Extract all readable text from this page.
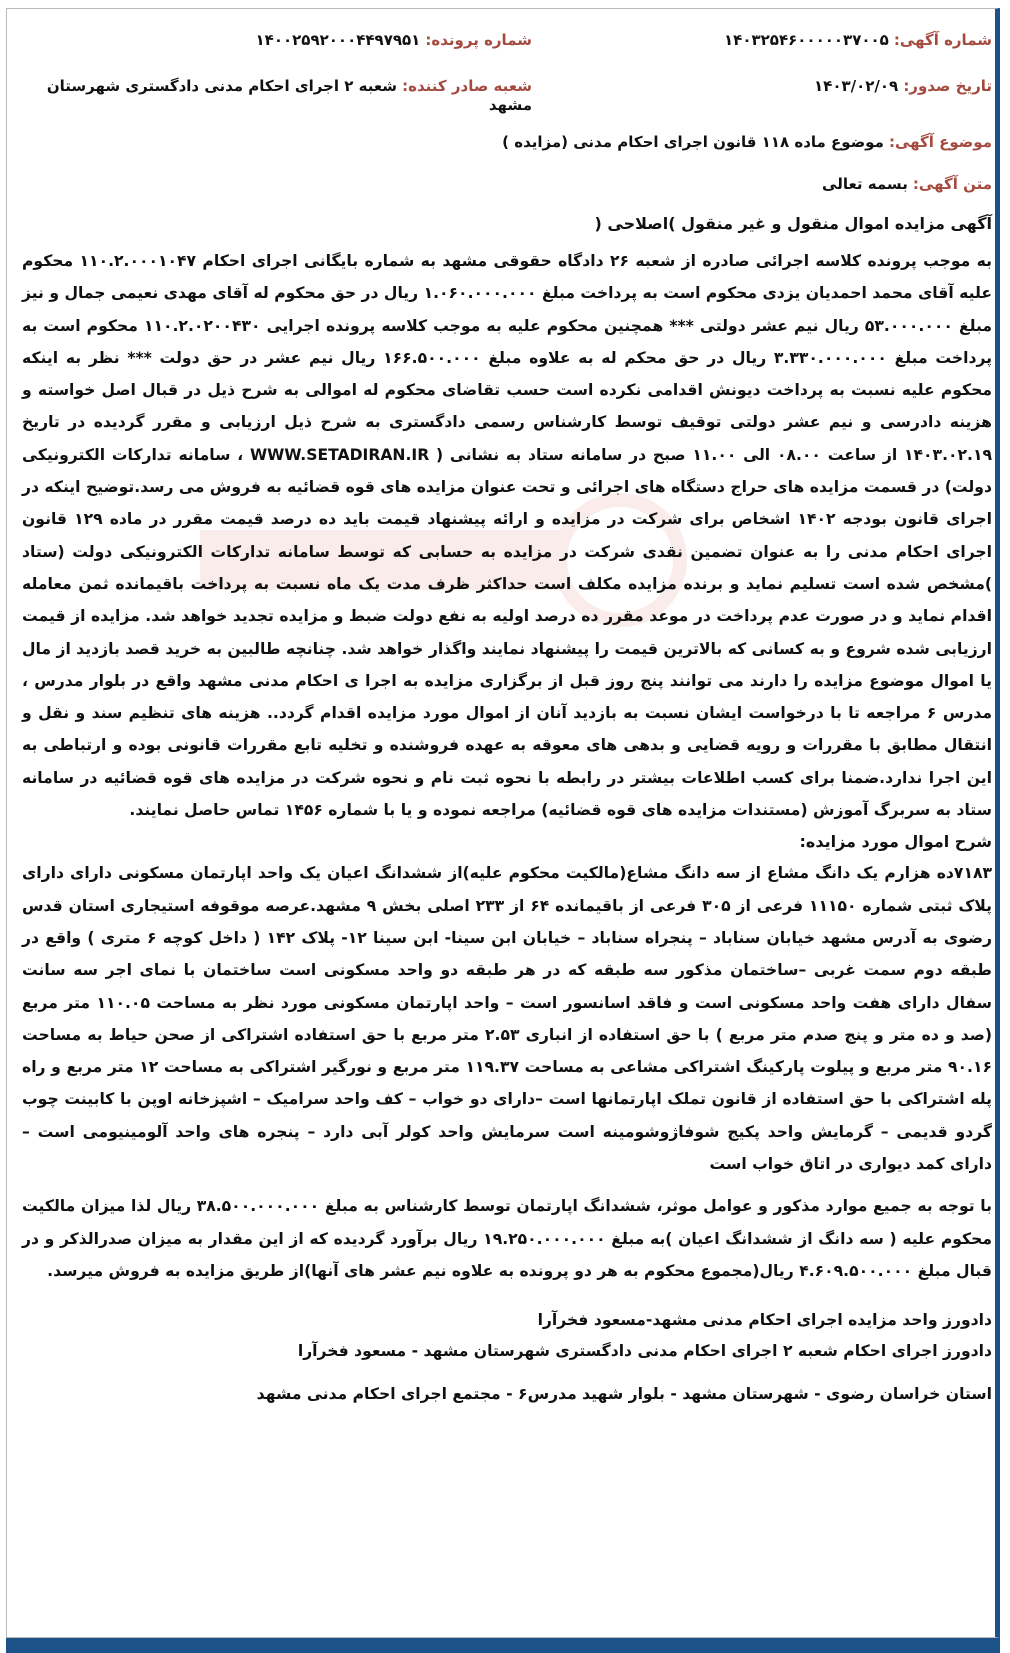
شماره آگهی: ۱۴۰۳۲۵۴۶۰۰۰۰۰۳۷۰۰۵
شماره پرونده: ۱۴۰۰۲۵۹۲۰۰۰۴۴۹۷۹۵۱
تاریخ صدور: ۱۴۰۳/۰۲/۰۹
شعبه صادر کننده: شعبه ۲ اجرای احکام مدنی دادگستری شهرستان مشهد
موضوع آگهی: موضوع ماده ۱۱۸ قانون اجرای احکام مدنی (مزایده )
متن آگهی: بسمه تعالی
آگهی مزایده اموال منقول و غیر منقول )اصلاحی (

به موجب پرونده کلاسه اجرائی صادره از شعبه ۲۶ دادگاه حقوقی مشهد به شماره بایگانی اجرای احکام ۱۱۰.۲.۰۰۰۱۰۴۷ محکوم علیه آقای محمد احمدیان یزدی محکوم است به پرداخت مبلغ ۱.۰۶۰.۰۰۰.۰۰۰ ریال در حق محکوم له آقای مهدی نعیمی جمال و نیز مبلغ ۵۳.۰۰۰.۰۰۰ ریال نیم عشر دولتی *** همچنین محکوم علیه به موجب کلاسه پرونده اجرایی ۱۱۰.۲.۰۲۰۰۴۳۰ محکوم است به پرداخت مبلغ ۳.۳۳۰.۰۰۰.۰۰۰ ریال در حق محکم له به علاوه مبلغ ۱۶۶.۵۰۰.۰۰۰ ریال نیم عشر در حق دولت *** نظر به اینکه محکوم علیه نسبت به پرداخت دیونش اقدامی نکرده است حسب تقاضای محکوم له اموالی به شرح ذیل در قبال اصل خواسته و هزینه دادرسی و نیم عشر دولتی توقیف توسط کارشناس رسمی دادگستری به شرح ذیل ارزیابی و مقرر گردیده در تاریخ ۱۴۰۳.۰۲.۱۹ از ساعت ۰۸.۰۰ الی ۱۱.۰۰ صبح در سامانه ستاد به نشانی ( WWW.SETADIRAN.IR ، سامانه تدارکات الکترونیکی دولت) در قسمت مزایده های حراج دستگاه های اجرائی و تحت عنوان مزایده های قوه قضائیه به فروش می رسد.توضیح اینکه در اجرای قانون بودجه ۱۴۰۲ اشخاص برای شرکت در مزایده و ارائه پیشنهاد قیمت باید ده درصد قیمت مقرر در ماده ۱۲۹ قانون اجرای احکام مدنی را به عنوان تضمین نقدی شرکت در مزایده به حسابی که توسط سامانه تدارکات الکترونیکی دولت (ستاد )مشخص شده است تسلیم نماید و برنده مزایده مکلف است حداکثر ظرف مدت یک ماه نسبت به پرداخت باقیمانده ثمن معامله اقدام نماید و در صورت عدم پرداخت در موعد مقرر ده درصد اولیه به نفع دولت ضبط و مزایده تجدید خواهد شد. مزایده از قیمت ارزیابی شده شروع و به کسانی که بالاترین قیمت را پیشنهاد نمایند واگذار خواهد شد. چنانچه طالبین به خرید قصد بازدید از مال یا اموال موضوع مزایده را دارند می توانند پنج روز قبل از برگزاری مزایده به اجرا ی احکام مدنی مشهد واقع در بلوار مدرس ، مدرس ۶ مراجعه تا با درخواست ایشان نسبت به بازدید آنان از اموال مورد مزایده اقدام گردد.. هزینه های تنظیم سند و نقل و انتقال مطابق با مقررات و رویه قضایی و بدهی های معوقه به عهده فروشنده و تخلیه تابع مقررات قانونی بوده و ارتباطی به این اجرا ندارد.ضمنا برای کسب اطلاعات بیشتر در رابطه با نحوه ثبت نام و نحوه شرکت در مزایده های قوه قضائیه در سامانه ستاد به سربرگ آموزش (مستندات مزایده های قوه قضائیه) مراجعه نموده و یا با شماره ۱۴۵۶ تماس حاصل نمایند.

شرح اموال مورد مزایده:

۷۱۸۳ده هزارم یک دانگ مشاع از سه دانگ مشاع(مالکیت محکوم علیه)از ششدانگ اعیان یک واحد اپارتمان مسکونی دارای دارای پلاک ثبتی شماره ۱۱۱۵۰ فرعی از ۳۰۵ فرعی از باقیمانده ۶۴ از ۲۳۳ اصلی بخش ۹ مشهد.عرصه موقوفه استیجاری استان قدس رضوی به آدرس مشهد خیابان سناباد – پنجراه سناباد – خیابان ابن سینا- ابن سینا ۱۲- پلاک ۱۴۲ ( داخل کوچه ۶ متری ) واقع در طبقه دوم سمت غربی –ساختمان مذکور سه طبقه که در هر طبقه دو واحد مسکونی است ساختمان با نمای اجر سه سانت سفال دارای هفت واحد مسکونی است و فاقد اسانسور است – واحد اپارتمان مسکونی مورد نظر به مساحت ۱۱۰.۰۵ متر مربع (صد و ده متر و پنج صدم متر مربع ) با حق استفاده از انباری ۲.۵۳ متر مربع با حق استفاده اشتراکی از صحن حیاط به مساحت ۹۰.۱۶ متر مربع و پیلوت پارکینگ اشتراکی مشاعی به مساحت ۱۱۹.۳۷ متر مربع و نورگیر اشتراکی به مساحت ۱۲ متر مربع و راه پله اشتراکی با حق استفاده از قانون تملک اپارتمانها است –دارای دو خواب – کف واحد سرامیک – اشپزخانه اوپن با کابینت چوب گردو قدیمی – گرمایش واحد پکیج شوفاژوشومینه است سرمایش واحد کولر آبی دارد – پنجره های واحد آلومینیومی است – دارای کمد دیواری در اتاق خواب است

با توجه به جمیع موارد مذکور و عوامل موثر، ششدانگ اپارتمان توسط کارشناس به مبلغ ۳۸.۵۰۰.۰۰۰.۰۰۰ ریال لذا میزان مالکیت محکوم علیه ( سه دانگ از ششدانگ اعیان )به مبلغ ۱۹.۲۵۰.۰۰۰.۰۰۰ ریال برآورد گردیده که از این مقدار به میزان صدرالذکر و در قبال مبلغ ۴.۶۰۹.۵۰۰.۰۰۰ ریال(مجموع محکوم به هر دو پرونده به علاوه نیم عشر های آنها)از طریق مزایده به فروش میرسد.

دادورز واحد مزایده اجرای احکام مدنی مشهد-مسعود فخرآرا

دادورز اجرای احکام شعبه ۲ اجرای احکام مدنی دادگستری شهرستان مشهد - مسعود فخرآرا

استان خراسان رضوی - شهرستان مشهد - بلوار شهید مدرس۶ - مجتمع اجرای احکام مدنی مشهد
